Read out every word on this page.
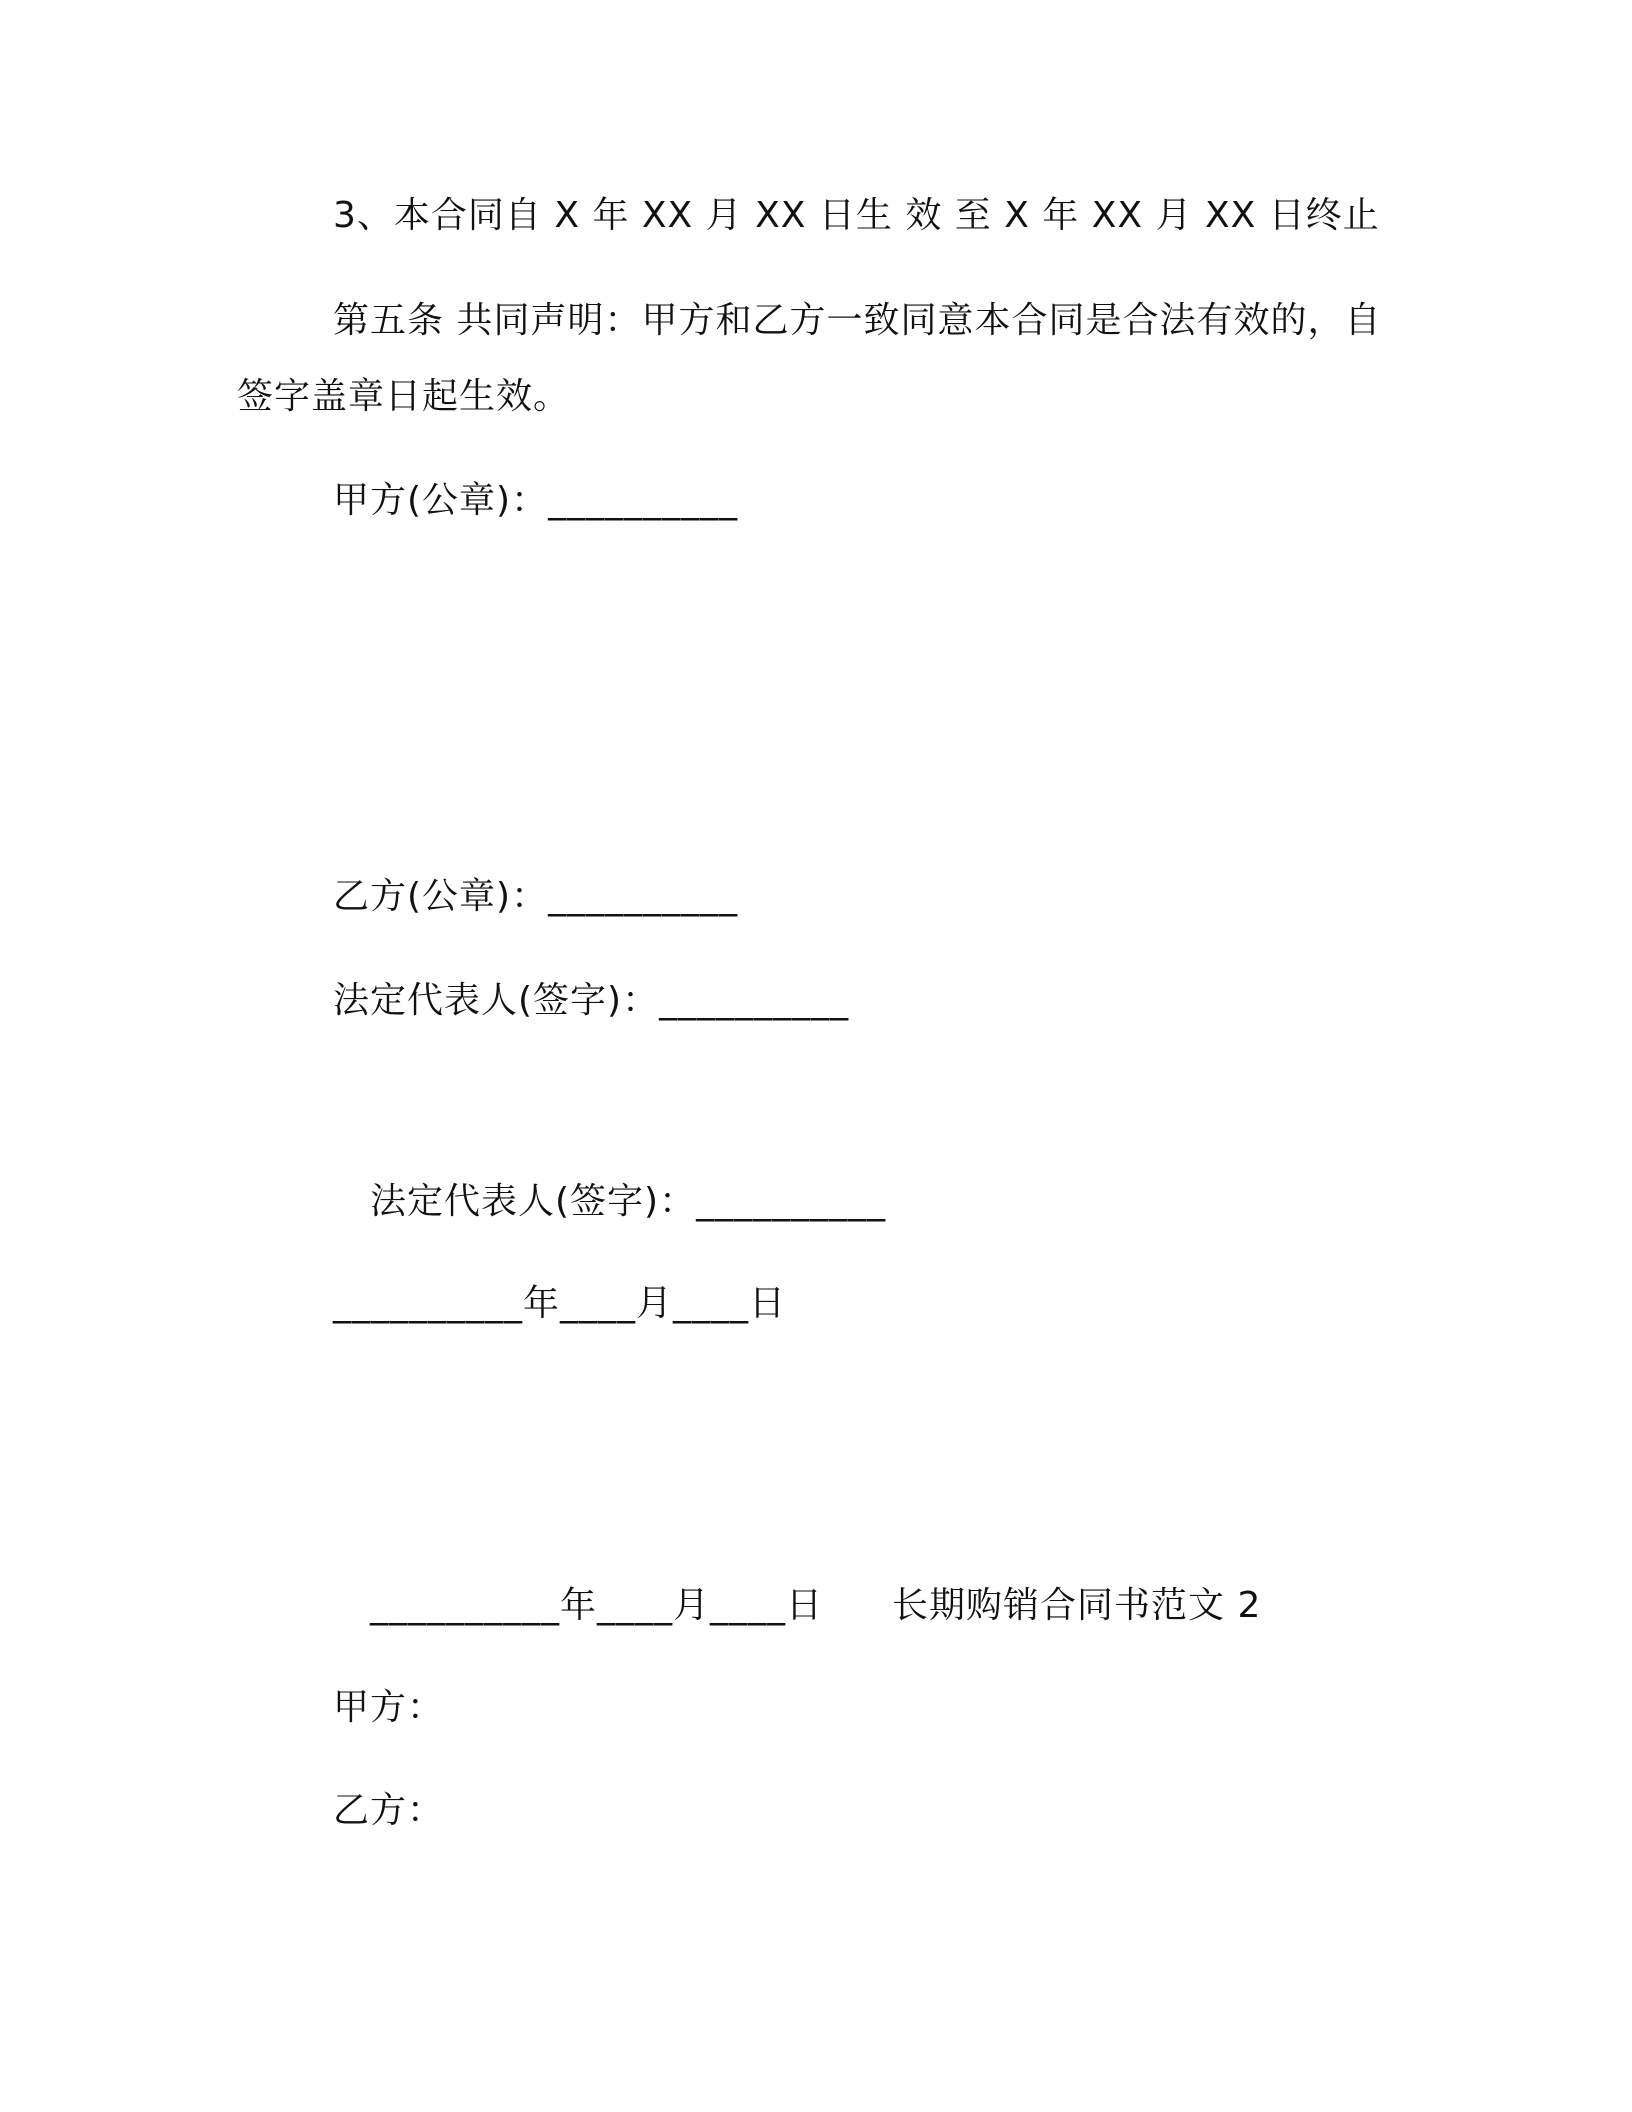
3、本合同自 X 年 XX 月 XX 日生 效 至 X 年 XX 月 XX 日终止
第五条 共同声明：甲方和乙方一致同意本合同是合法有效的，自
签字盖章日起生效。
甲方(公章)：__________
乙方(公章)：__________
法定代表人(签字)：__________
法定代表人(签字)：__________
__________年____月____日
__________年____月____日 长期购销合同书范文 2
甲方：
乙方：
